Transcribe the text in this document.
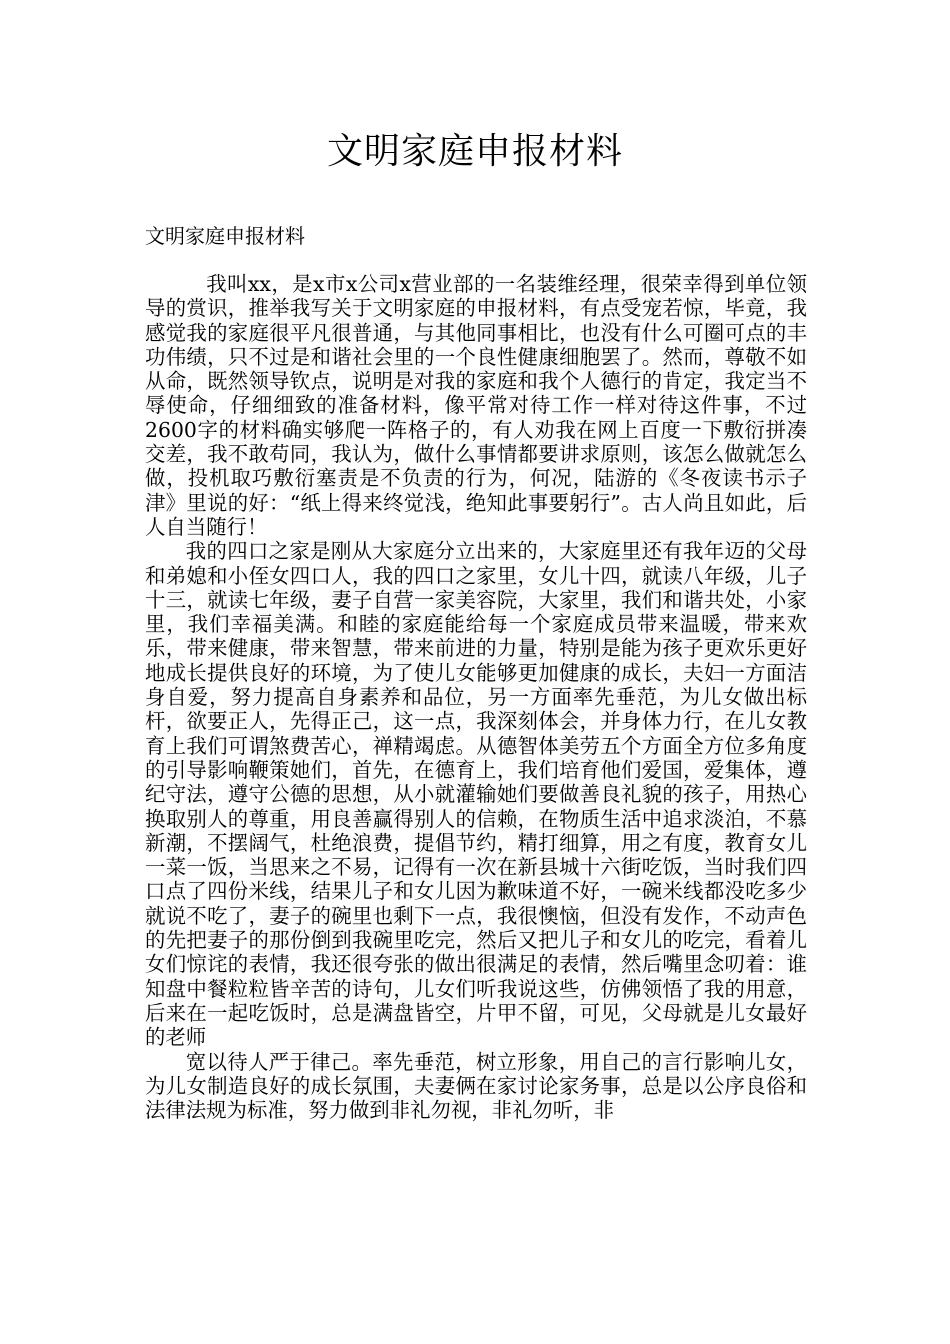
文明家庭申报材料

文明家庭申报材料

我叫xx，是x市x公司x营业部的一名装维经理，很荣幸得到单位领导的赏识，推举我写关于文明家庭的申报材料，有点受宠若惊，毕竟，我感觉我的家庭很平凡很普通，与其他同事相比，也没有什么可圈可点的丰功伟绩，只不过是和谐社会里的一个良性健康细胞罢了。然而，尊敬不如从命，既然领导钦点，说明是对我的家庭和我个人德行的肯定，我定当不辱使命，仔细细致的准备材料，像平常对待工作一样对待这件事，不过2600字的材料确实够爬一阵格子的，有人劝我在网上百度一下敷衍拼凑交差，我不敢苟同，我认为，做什么事情都要讲求原则，该怎么做就怎么做，投机取巧敷衍塞责是不负责的行为，何况，陆游的《冬夜读书示子津》里说的好：“纸上得来终觉浅，绝知此事要躬行”。古人尚且如此，后人自当随行！

我的四口之家是刚从大家庭分立出来的，大家庭里还有我年迈的父母和弟媳和小侄女四口人，我的四口之家里，女儿十四，就读八年级，儿子十三，就读七年级，妻子自营一家美容院，大家里，我们和谐共处，小家里，我们幸福美满。和睦的家庭能给每一个家庭成员带来温暖，带来欢乐，带来健康，带来智慧，带来前进的力量，特别是能为孩子更欢乐更好地成长提供良好的环境，为了使儿女能够更加健康的成长，夫妇一方面洁身自爱，努力提高自身素养和品位，另一方面率先垂范，为儿女做出标杆，欲要正人，先得正己，这一点，我深刻体会，并身体力行，在儿女教育上我们可谓煞费苦心，禅精竭虑。从德智体美劳五个方面全方位多角度的引导影响鞭策她们，首先，在德育上，我们培育他们爱国，爱集体，遵纪守法，遵守公德的思想，从小就灌输她们要做善良礼貌的孩子，用热心换取别人的尊重，用良善赢得别人的信赖，在物质生活中追求淡泊，不慕新潮，不摆阔气，杜绝浪费，提倡节约，精打细算，用之有度，教育女儿一菜一饭，当思来之不易，记得有一次在新县城十六街吃饭，当时我们四口点了四份米线，结果儿子和女儿因为歉味道不好，一碗米线都没吃多少就说不吃了，妻子的碗里也剩下一点，我很懊恼，但没有发作，不动声色的先把妻子的那份倒到我碗里吃完，然后又把儿子和女儿的吃完，看着儿女们惊诧的表情，我还很夸张的做出很满足的表情，然后嘴里念叨着：谁知盘中餐粒粒皆辛苦的诗句，儿女们听我说这些，仿佛领悟了我的用意，后来在一起吃饭时，总是满盘皆空，片甲不留，可见，父母就是儿女最好的老师

宽以待人严于律己。率先垂范，树立形象，用自己的言行影响儿女，为儿女制造良好的成长氛围，夫妻俩在家讨论家务事，总是以公序良俗和法律法规为标准，努力做到非礼勿视，非礼勿听，非
